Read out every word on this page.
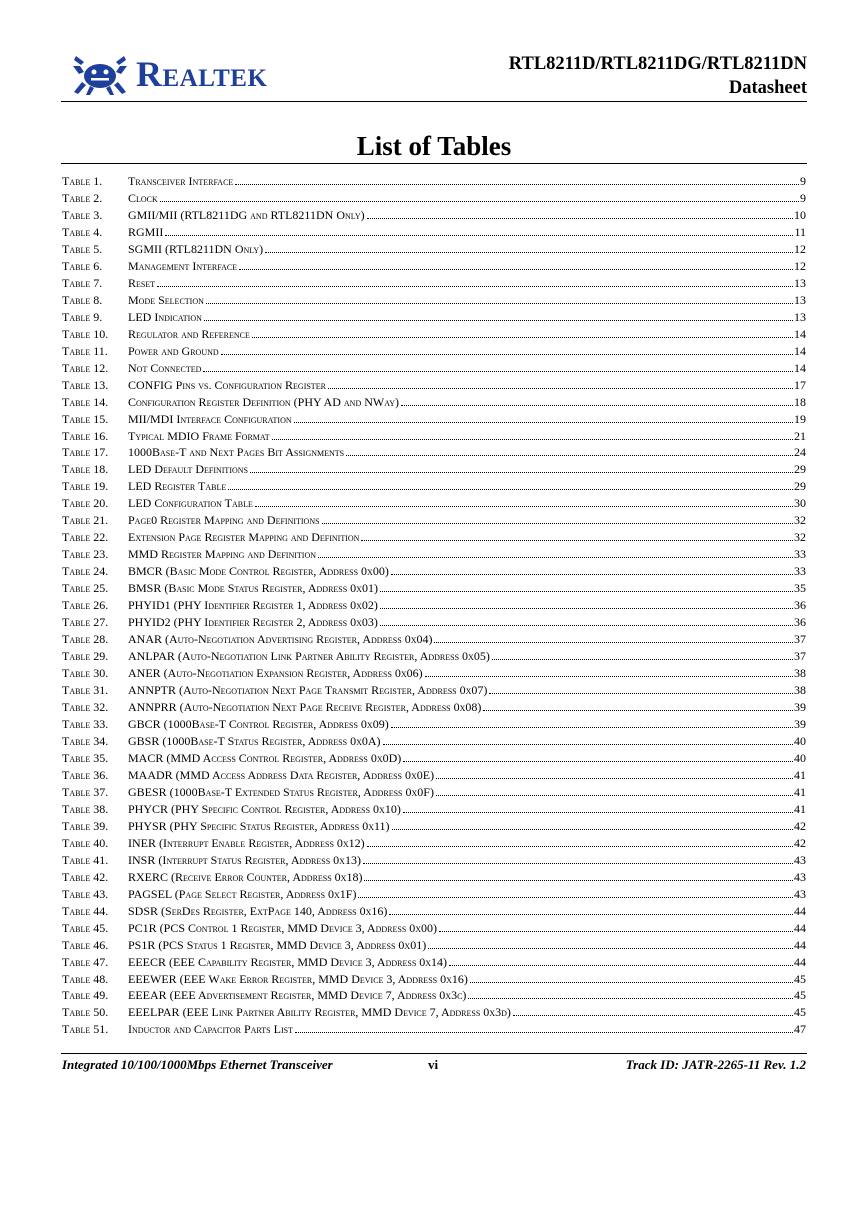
Realtek	RTL8211D/RTL8211DG/RTL8211DN
Datasheet
List of Tables
Table 1.	Transceiver Interface	9
Table 2.	Clock	9
Table 3.	GMII/MII (RTL8211DG and RTL8211DN Only)	10
Table 4.	RGMII	11
Table 5.	SGMII (RTL8211DN Only)	12
Table 6.	Management Interface	12
Table 7.	Reset	13
Table 8.	Mode Selection	13
Table 9.	LED Indication	13
Table 10.	Regulator and Reference	14
Table 11.	Power and Ground	14
Table 12.	Not Connected	14
Table 13.	CONFIG Pins vs. Configuration Register	17
Table 14.	Configuration Register Definition (PHY AD and NWay)	18
Table 15.	MII/MDI Interface Configuration	19
Table 16.	Typical MDIO Frame Format	21
Table 17.	1000Base-T and Next Pages Bit Assignments	24
Table 18.	LED Default Definitions	29
Table 19.	LED Register Table	29
Table 20.	LED Configuration Table	30
Table 21.	Page0 Register Mapping and Definitions	32
Table 22.	Extension Page Register Mapping and Definition	32
Table 23.	MMD Register Mapping and Definition	33
Table 24.	BMCR (Basic Mode Control Register, Address 0x00)	33
Table 25.	BMSR (Basic Mode Status Register, Address 0x01)	35
Table 26.	PHYID1 (PHY Identifier Register 1, Address 0x02)	36
Table 27.	PHYID2 (PHY Identifier Register 2, Address 0x03)	36
Table 28.	ANAR (Auto-Negotiation Advertising Register, Address 0x04)	37
Table 29.	ANLPAR (Auto-Negotiation Link Partner Ability Register, Address 0x05)	37
Table 30.	ANER (Auto-Negotiation Expansion Register, Address 0x06)	38
Table 31.	ANNPTR (Auto-Negotiation Next Page Transmit Register, Address 0x07)	38
Table 32.	ANNPRR (Auto-Negotiation Next Page Receive Register, Address 0x08)	39
Table 33.	GBCR (1000Base-T Control Register, Address 0x09)	39
Table 34.	GBSR (1000Base-T Status Register, Address 0x0A)	40
Table 35.	MACR (MMD Access Control Register, Address 0x0D)	40
Table 36.	MAADR (MMD Access Address Data Register, Address 0x0E)	41
Table 37.	GBESR (1000Base-T Extended Status Register, Address 0x0F)	41
Table 38.	PHYCR (PHY Specific Control Register, Address 0x10)	41
Table 39.	PHYSR (PHY Specific Status Register, Address 0x11)	42
Table 40.	INER (Interrupt Enable Register, Address 0x12)	42
Table 41.	INSR (Interrupt Status Register, Address 0x13)	43
Table 42.	RXERC (Receive Error Counter, Address 0x18)	43
Table 43.	PAGSEL (Page Select Register, Address 0x1F)	43
Table 44.	SDSR (SerDes Register, ExtPage 140, Address 0x16)	44
Table 45.	PC1R (PCS Control 1 Register, MMD Device 3, Address 0x00)	44
Table 46.	PS1R (PCS Status 1 Register, MMD Device 3, Address 0x01)	44
Table 47.	EEECR (EEE Capability Register, MMD Device 3, Address 0x14)	44
Table 48.	EEEWER (EEE Wake Error Register, MMD Device 3, Address 0x16)	45
Table 49.	EEEAR (EEE Advertisement Register, MMD Device 7, Address 0x3c)	45
Table 50.	EEELPAR (EEE Link Partner Ability Register, MMD Device 7, Address 0x3d)	45
Table 51.	Inductor and Capacitor Parts List	47
Integrated 10/100/1000Mbps Ethernet Transceiver	vi	Track ID: JATR-2265-11 Rev. 1.2
